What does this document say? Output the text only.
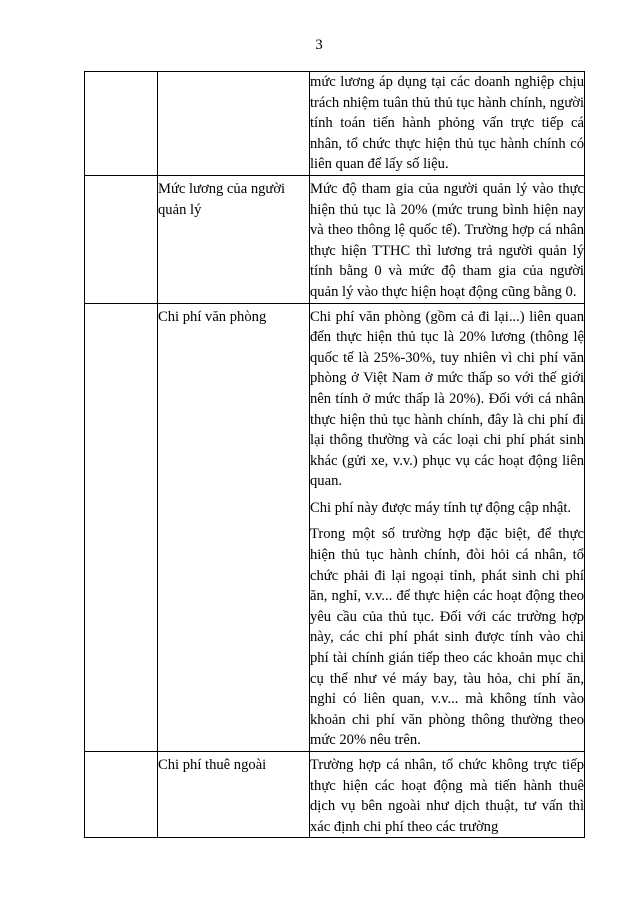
3

		mức lương áp dụng tại các doanh nghiệp chịu trách nhiệm tuân thủ thủ tục hành chính, người tính toán tiến hành phỏng vấn trực tiếp cá nhân, tổ chức thực hiện thủ tục hành chính có liên quan để lấy số liệu.

	Mức lương của người quản lý	Mức độ tham gia của người quản lý vào thực hiện thủ tục là 20% (mức trung bình hiện nay và theo thông lệ quốc tế). Trường hợp cá nhân thực hiện TTHC thì lương trả người quản lý tính bằng 0 và mức độ tham gia của người quản lý vào thực hiện hoạt động cũng bằng 0.

	Chi phí văn phòng	Chi phí văn phòng (gồm cả đi lại...) liên quan đến thực hiện thủ tục là 20% lương (thông lệ quốc tế là 25%-30%, tuy nhiên vì chi phí văn phòng ở Việt Nam ở mức thấp so với thế giới nên tính ở mức thấp là 20%). Đối với cá nhân thực hiện thủ tục hành chính, đây là chi phí đi lại thông thường và các loại chi phí phát sinh khác (gửi xe, v.v.) phục vụ các hoạt động liên quan.

Chi phí này được máy tính tự động cập nhật.

Trong một số trường hợp đặc biệt, để thực hiện thủ tục hành chính, đòi hỏi cá nhân, tổ chức phải đi lại ngoại tỉnh, phát sinh chi phí ăn, nghỉ, v.v... để thực hiện các hoạt động theo yêu cầu của thủ tục. Đối với các trường hợp này, các chi phí phát sinh được tính vào chi phí tài chính gián tiếp theo các khoản mục chi cụ thể như vé máy bay, tàu hỏa, chi phí ăn, nghỉ có liên quan, v.v... mà không tính vào khoản chi phí văn phòng thông thường theo mức 20% nêu trên.

	Chi phí thuê ngoài	Trường hợp cá nhân, tổ chức không trực tiếp thực hiện các hoạt động mà tiến hành thuê dịch vụ bên ngoài như dịch thuật, tư vấn thì xác định chi phí theo các trường
